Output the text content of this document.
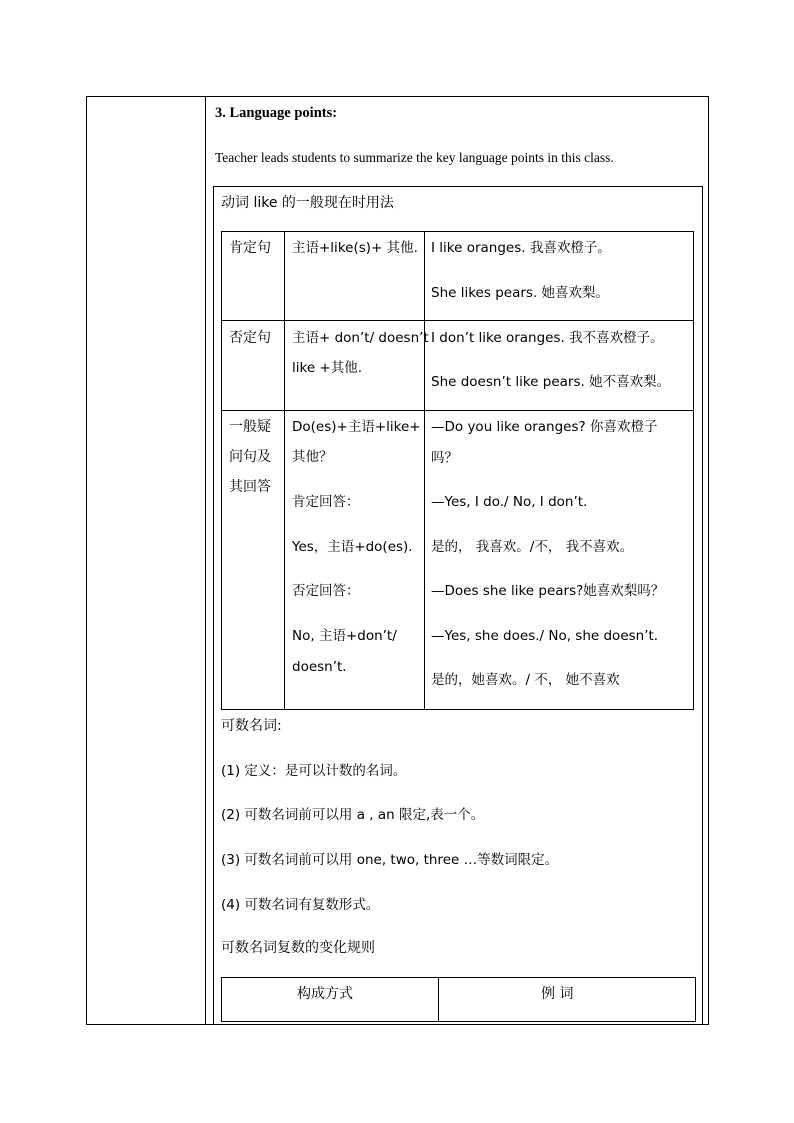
3. Language points:
Teacher leads students to summarize the key language points in this class.
动词 like 的一般现在时用法
肯定句 主语+like(s)+ 其他. I like oranges. 我喜欢橙子。
She likes pears. 她喜欢梨。
否定句 主语+ don’t/ doesn’t
like +其他.
I don’t like oranges. 我不喜欢橙子。
She doesn’t like pears. 她不喜欢梨。
一般疑
问句及
其回答
Do(es)+主语+like+
其他？
肯定回答：
Yes，主语+do(es).
否定回答：
No, 主语+don’t/
doesn’t.
—Do you like oranges? 你喜欢橙子
吗？
—Yes, I do./ No, I don’t.
是的， 我喜欢。/不， 我不喜欢。
—Does she like pears?她喜欢梨吗？
—Yes, she does./ No, she doesn’t.
是的，她喜欢。/ 不， 她不喜欢
可数名词:
(1) 定义：是可以计数的名词。
(2) 可数名词前可以用 a , an 限定,表一个。
(3) 可数名词前可以用 one, two, three …等数词限定。
(4) 可数名词有复数形式。
可数名词复数的变化规则
构成方式	例 词
